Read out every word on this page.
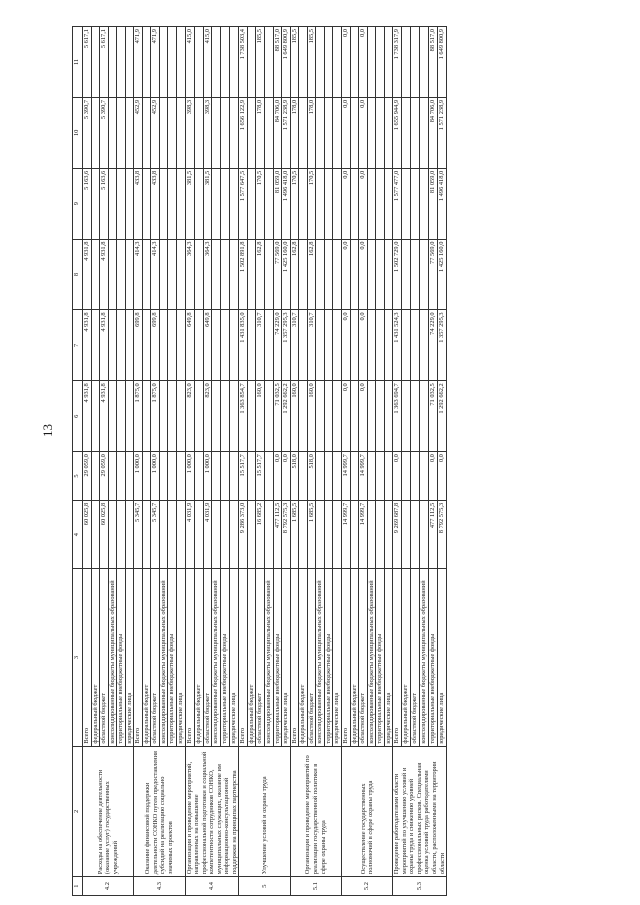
13
1	2	3	4	5	6	7	8	9	10	11
4.2	Расходы на обеспечение деятельности (оказание услуг) государственных учреждений	Всего	60 025,8	29 059,0	4 931,8	4 931,8	4 931,8	5 163,6	5 390,7	5 617,1
		федеральный бюджет								
		областной бюджет	60 025,8	29 059,0	4 931,8	4 931,8	4 931,8	5 163,6	5 390,7	5 617,1
		консолидированные бюджеты муниципальных образований								
		территориальные внебюджетные фонды								
		юридические лица								
4.3	Оказание финансовой поддержки деятельности СОНКО путем предоставления субсидий на реализацию социально значимых проектов	Всего	5 345,7	1 000,0	1 875,0	699,8	414,3	433,8	452,9	471,9
		федеральный бюджет								
		областной бюджет	5 345,7	1 000,0	1 875,0	699,8	414,3	433,8	452,9	471,9
		консолидированные бюджеты муниципальных образований								
		территориальные внебюджетные фонды								
		юридические лица								
4.4	Организация и проведение мероприятий, направленных на повышение профессиональной подготовки и социальной компетентности сотрудников СОНКО, муниципальных служащих, оказание им информационно-консультационной поддержки на принципах партнерства	Всего	4 031,9	1 000,0	823,0	649,8	364,3	381,5	398,3	415,0
		федеральный бюджет								
		областной бюджет	4 031,9	1 000,0	823,0	649,8	364,3	381,5	398,3	415,0
		консолидированные бюджеты муниципальных образований								
		территориальные внебюджетные фонды								
		юридические лица								
5	Улучшение условий и охраны труда	Всего	9 286 373,0	15 517,7	1 363 854,7	1 431 835,0	1 502 891,8	1 577 647,5	1 656 122,9	1 738 503,4
		федеральный бюджет								
		областной бюджет	16 685,2	15 517,7	160,0	310,7	162,8	170,5	178,0	185,5
		консолидированные бюджеты муниципальных образований								
		территориальные внебюджетные фонды	477 112,5	0,0	71 032,5	74 229,0	77 569,0	81 059,0	84 706,0	88 517,0
		юридические лица	8 792 575,3	0,0	1 292 662,2	1 357 295,3	1 425 160,0	1 496 418,0	1 571 238,9	1 649 800,9
5.1	Организация и проведение мероприятий по реализации государственной политики в сфере охраны труда	Всего	1 685,5	518,0	160,0	310,7	162,8	170,5	178,0	185,5
		федеральный бюджет								
		областной бюджет	1 685,5	518,0	160,0	310,7	162,8	170,5	178,0	185,5
		консолидированные бюджеты муниципальных образований								
		территориальные внебюджетные фонды								
		юридические лица								
5.2	Осуществление государственных полномочий в сфере охраны труда	Всего	14 999,7	14 999,7	0,0	0,0	0,0	0,0	0,0	0,0
		федеральный бюджет								
		областной бюджет	14 999,7	14 999,7	0,0	0,0	0,0	0,0	0,0	0,0
		консолидированные бюджеты муниципальных образований								
		территориальные внебюджетные фонды								
		юридические лица								
5.3	Проведение работодателями области мероприятий по улучшению условий и охраны труда и снижению уровней профессиональных рисков. Специальная оценка условий труда работодателями области, расположенными на территории области	Всего	9 269 687,8	0,0	1 363 694,7	1 431 524,3	1 502 729,0	1 577 477,0	1 655 944,9	1 738 317,9
		федеральный бюджет								
		областной бюджет								
		консолидированные бюджеты муниципальных образований								
		территориальные внебюджетные фонды	477 112,5	0,0	71 032,5	74 229,0	77 569,0	81 059,0	84 706,0	88 517,0
		юридические лица	8 792 575,3	0,0	1 292 662,2	1 357 295,3	1 425 160,0	1 496 418,0	1 571 238,9	1 649 800,9
